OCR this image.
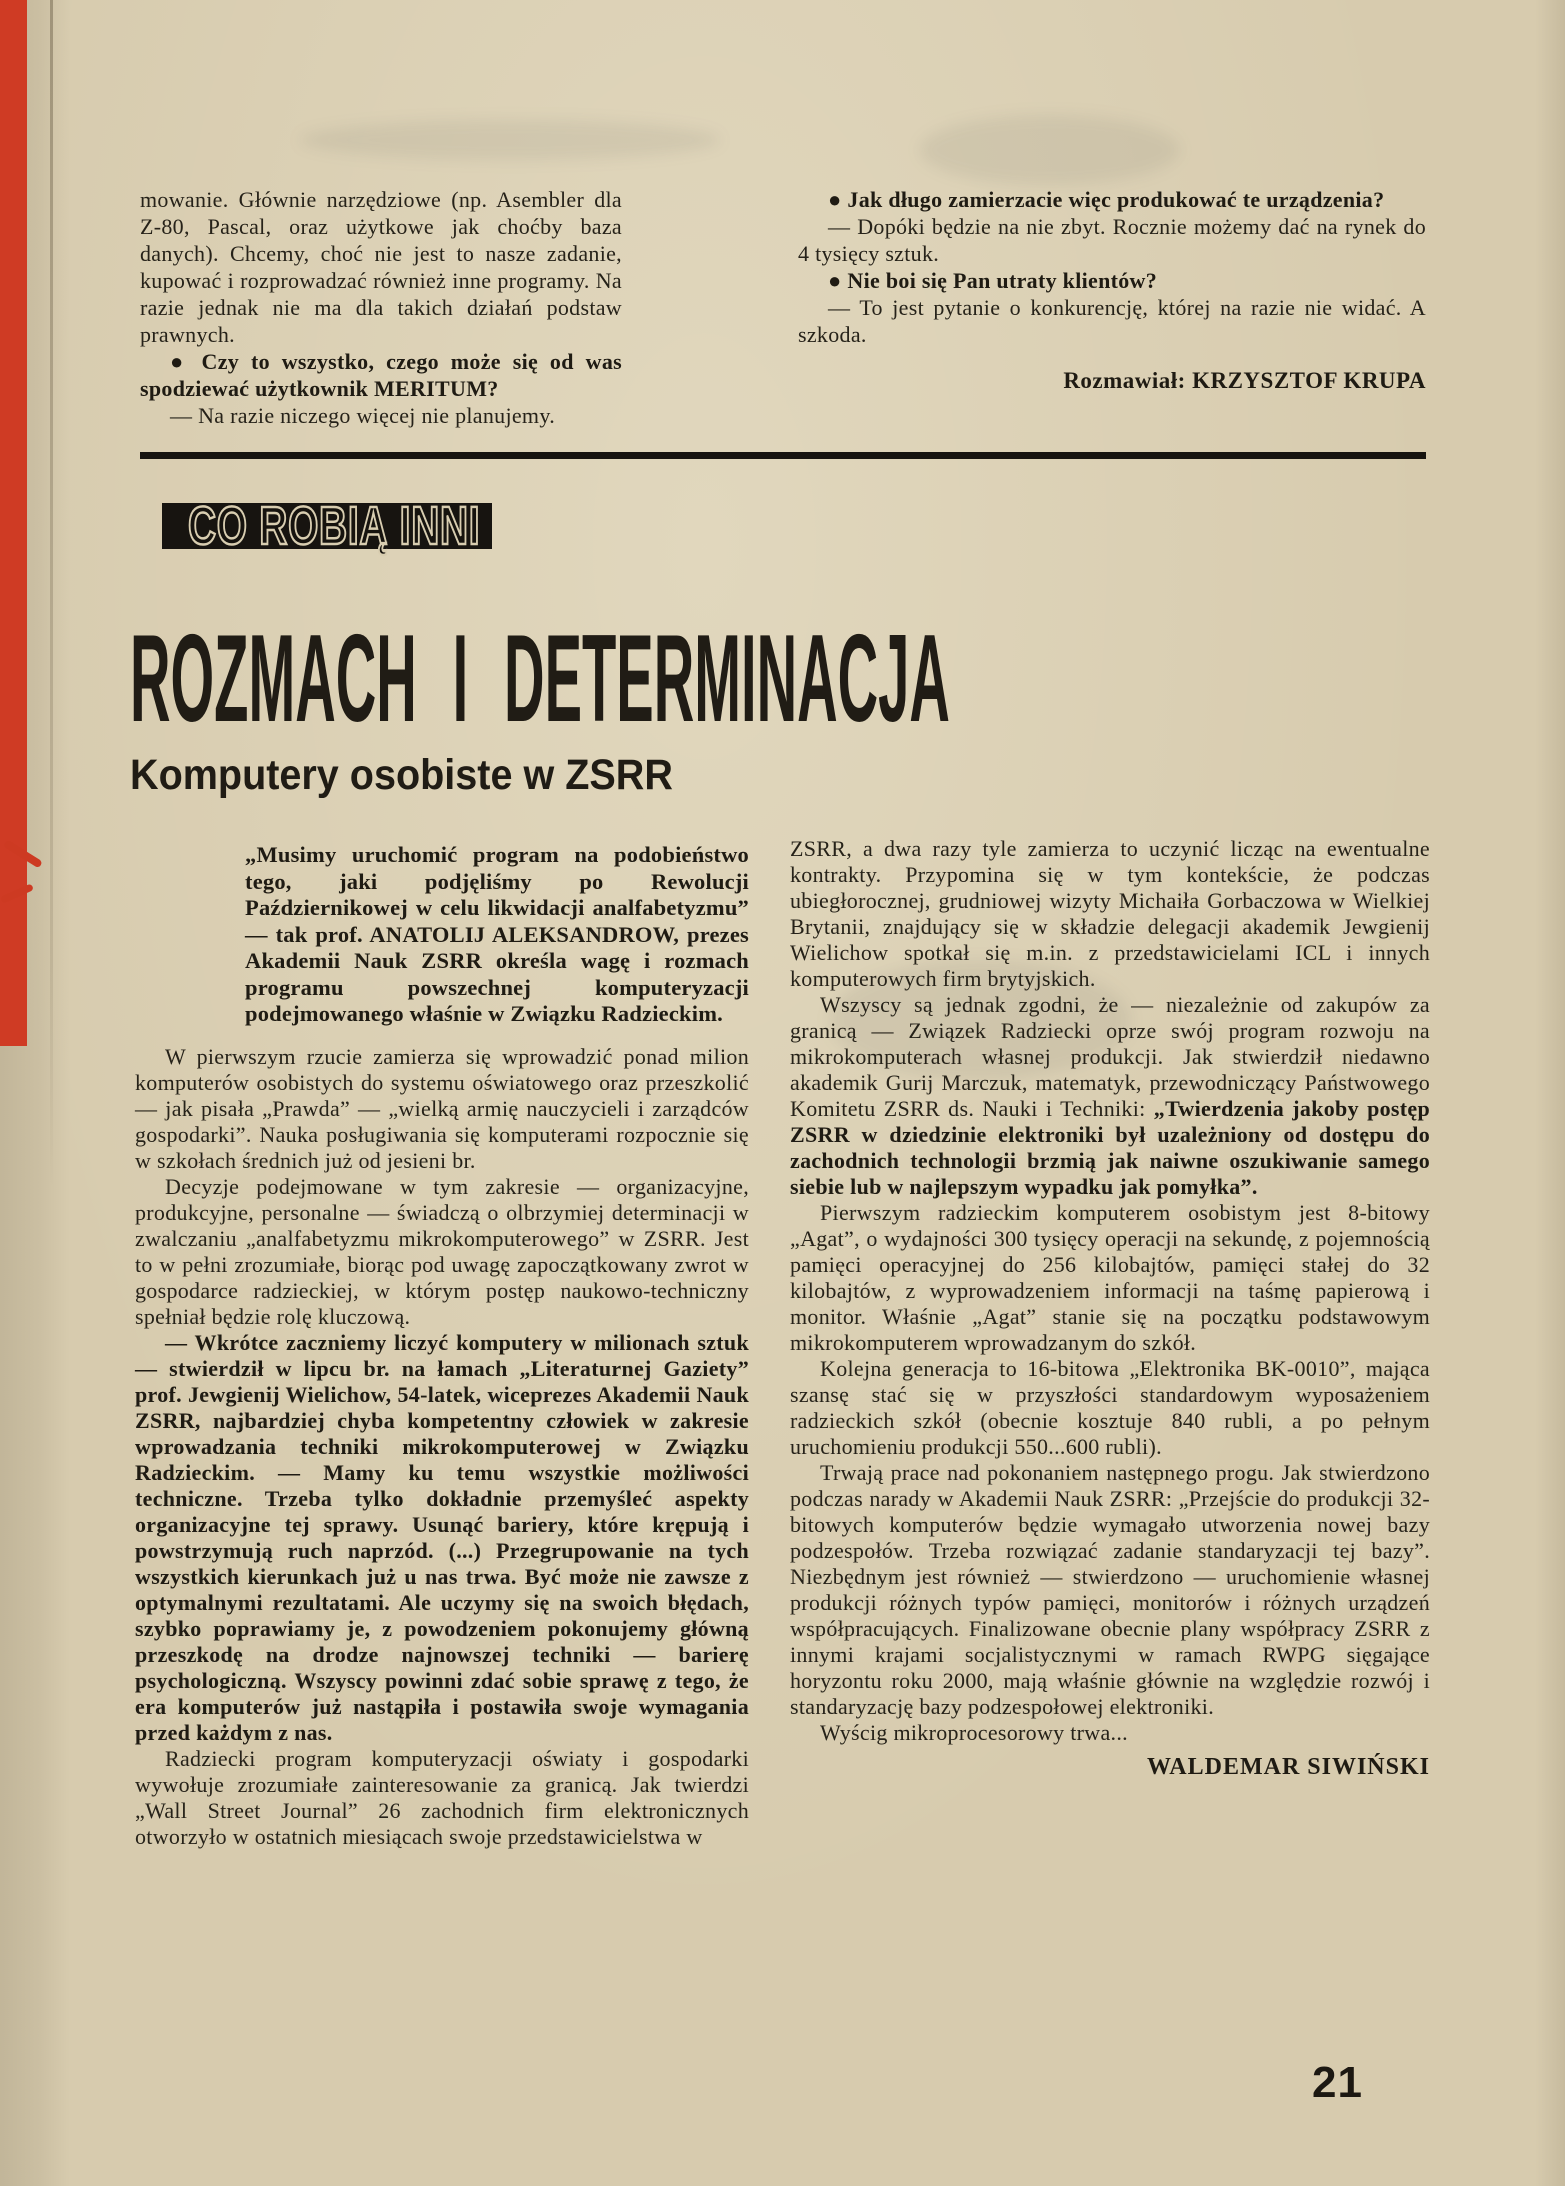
mowanie. Głównie narzędziowe (np. Asembler dla Z-80, Pascal, oraz użytkowe jak choćby baza danych). Chcemy, choć nie jest to nasze zadanie, kupować i rozprowadzać również inne programy. Na razie jednak nie ma dla takich działań podstaw prawnych.

● Czy to wszystko, czego może się od was spodziewać użytkownik MERITUM?

— Na razie niczego więcej nie planujemy.

● Jak długo zamierzacie więc produkować te urządzenia?

— Dopóki będzie na nie zbyt. Rocznie możemy dać na rynek do 4 tysięcy sztuk.

● Nie boi się Pan utraty klientów?

— To jest pytanie o konkurencję, której na razie nie widać. A szkoda.

Rozmawiał: KRZYSZTOF KRUPA

CO ROBIĄ INNI
ROZMACH I DETERMINACJA
Komputery osobiste w ZSRR

„Musimy uruchomić program na podobieństwo tego, jaki podjęliśmy po Rewolucji Październikowej w celu likwidacji analfabetyzmu” — tak prof. ANATOLIJ ALEKSANDROW, prezes Akademii Nauk ZSRR określa wagę i rozmach programu powszechnej komputeryzacji podejmowanego właśnie w Związku Radzieckim.

W pierwszym rzucie zamierza się wprowadzić ponad milion komputerów osobistych do systemu oświatowego oraz przeszkolić — jak pisała „Prawda” — „wielką armię nauczycieli i zarządców gospodarki”. Nauka posługiwania się komputerami rozpocznie się w szkołach średnich już od jesieni br.

Decyzje podejmowane w tym zakresie — organizacyjne, produkcyjne, personalne — świadczą o olbrzymiej determinacji w zwalczaniu „analfabetyzmu mikrokomputerowego” w ZSRR. Jest to w pełni zrozumiałe, biorąc pod uwagę zapoczątkowany zwrot w gospodarce radzieckiej, w którym postęp naukowo-techniczny spełniał będzie rolę kluczową.

— Wkrótce zaczniemy liczyć komputery w milionach sztuk — stwierdził w lipcu br. na łamach „Literaturnej Gaziety” prof. Jewgienij Wielichow, 54-latek, wiceprezes Akademii Nauk ZSRR, najbardziej chyba kompetentny człowiek w zakresie wprowadzania techniki mikrokomputerowej w Związku Radzieckim. — Mamy ku temu wszystkie możliwości techniczne. Trzeba tylko dokładnie przemyśleć aspekty organizacyjne tej sprawy. Usunąć bariery, które krępują i powstrzymują ruch naprzód. (...) Przegrupowanie na tych wszystkich kierunkach już u nas trwa. Być może nie zawsze z optymalnymi rezultatami. Ale uczymy się na swoich błędach, szybko poprawiamy je, z powodzeniem pokonujemy główną przeszkodę na drodze najnowszej techniki — barierę psychologiczną. Wszyscy powinni zdać sobie sprawę z tego, że era komputerów już nastąpiła i postawiła swoje wymagania przed każdym z nas.

Radziecki program komputeryzacji oświaty i gospodarki wywołuje zrozumiałe zainteresowanie za granicą. Jak twierdzi „Wall Street Journal” 26 zachodnich firm elektronicznych otworzyło w ostatnich miesiącach swoje przedstawicielstwa w

ZSRR, a dwa razy tyle zamierza to uczynić licząc na ewentualne kontrakty. Przypomina się w tym kontekście, że podczas ubiegłorocznej, grudniowej wizyty Michaiła Gorbaczowa w Wielkiej Brytanii, znajdujący się w składzie delegacji akademik Jewgienij Wielichow spotkał się m.in. z przedstawicielami ICL i innych komputerowych firm brytyjskich.

Wszyscy są jednak zgodni, że — niezależnie od zakupów za granicą — Związek Radziecki oprze swój program rozwoju na mikrokomputerach własnej produkcji. Jak stwierdził niedawno akademik Gurij Marczuk, matematyk, przewodniczący Państwowego Komitetu ZSRR ds. Nauki i Techniki: „Twierdzenia jakoby postęp ZSRR w dziedzinie elektroniki był uzależniony od dostępu do zachodnich technologii brzmią jak naiwne oszukiwanie samego siebie lub w najlepszym wypadku jak pomyłka”.

Pierwszym radzieckim komputerem osobistym jest 8-bitowy „Agat”, o wydajności 300 tysięcy operacji na sekundę, z pojemnością pamięci operacyjnej do 256 kilobajtów, pamięci stałej do 32 kilobajtów, z wyprowadzeniem informacji na taśmę papierową i monitor. Właśnie „Agat” stanie się na początku podstawowym mikrokomputerem wprowadzanym do szkół.

Kolejna generacja to 16-bitowa „Elektronika BK-0010”, mająca szansę stać się w przyszłości standardowym wyposażeniem radzieckich szkół (obecnie kosztuje 840 rubli, a po pełnym uruchomieniu produkcji 550...600 rubli).

Trwają prace nad pokonaniem następnego progu. Jak stwierdzono podczas narady w Akademii Nauk ZSRR: „Przejście do produkcji 32-bitowych komputerów będzie wymagało utworzenia nowej bazy podzespołów. Trzeba rozwiązać zadanie standaryzacji tej bazy”. Niezbędnym jest również — stwierdzono — uruchomienie własnej produkcji różnych typów pamięci, monitorów i różnych urządzeń współpracujących. Finalizowane obecnie plany współpracy ZSRR z innymi krajami socjalistycznymi w ramach RWPG sięgające horyzontu roku 2000, mają właśnie głównie na względzie rozwój i standaryzację bazy podzespołowej elektroniki.

Wyścig mikroprocesorowy trwa...

WALDEMAR SIWIŃSKI

21
